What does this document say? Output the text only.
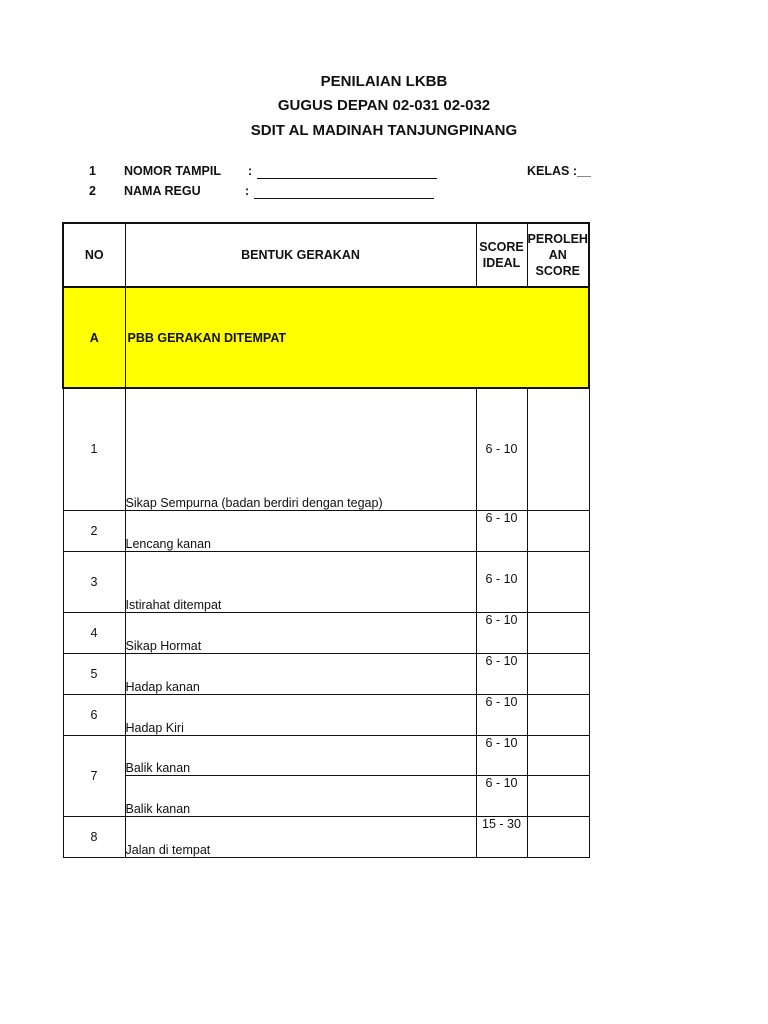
PENILAIAN LKBB
GUGUS DEPAN 02-031 02-032
SDIT AL MADINAH TANJUNGPINANG
1 NOMOR TAMPIL :	KELAS :__
2 NAMA REGU	:
NO	BENTUK GERAKAN	SCORE IDEAL	PEROLEH AN SCORE
A	PBB GERAKAN DITEMPAT		
1	Sikap Sempurna (badan berdiri dengan tegap)	6 - 10	
2	Lencang kanan	6 - 10	
3	Istirahat ditempat	6 - 10	
4	Sikap Hormat	6 - 10	
5	Hadap kanan	6 - 10	
6	Hadap Kiri	6 - 10	
7	Balik kanan	6 - 10	
	Balik kanan	6 - 10	
8	Jalan di tempat	15 - 30	
